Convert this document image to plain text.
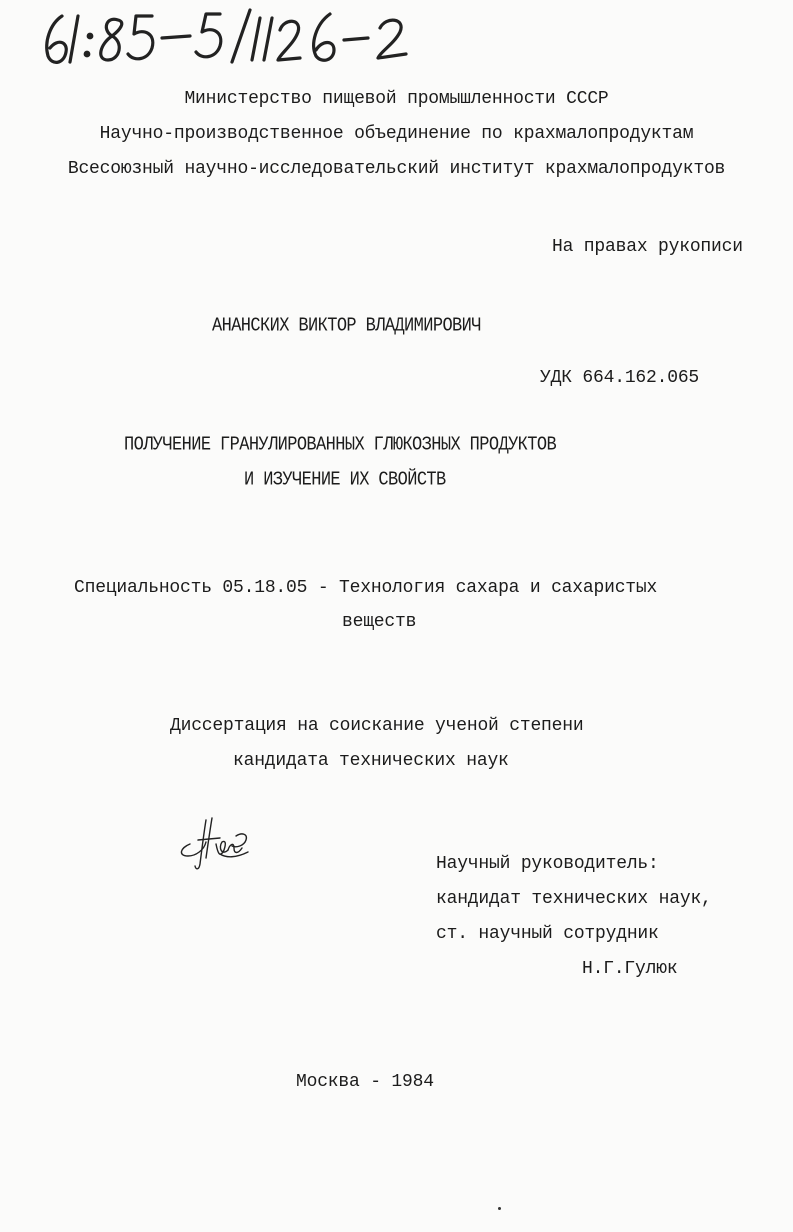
Министерство пищевой промышленности СССР
Научно-производственное объединение по крахмалопродуктам
Всесоюзный научно-исследовательский институт крахмалопродуктов
На правах рукописи
АНАНСКИХ ВИКТОР ВЛАДИМИРОВИЧ
УДК 664.162.065
ПОЛУЧЕНИЕ ГРАНУЛИРОВАННЫХ ГЛЮКОЗНЫХ ПРОДУКТОВ
И ИЗУЧЕНИЕ ИХ СВОЙСТВ
Специальность 05.18.05 - Технология сахара и сахаристых
веществ
Диссертация на соискание ученой степени
кандидата технических наук
Научный руководитель:
кандидат технических наук,
ст. научный сотрудник
Н.Г.Гулюк
Москва - 1984
